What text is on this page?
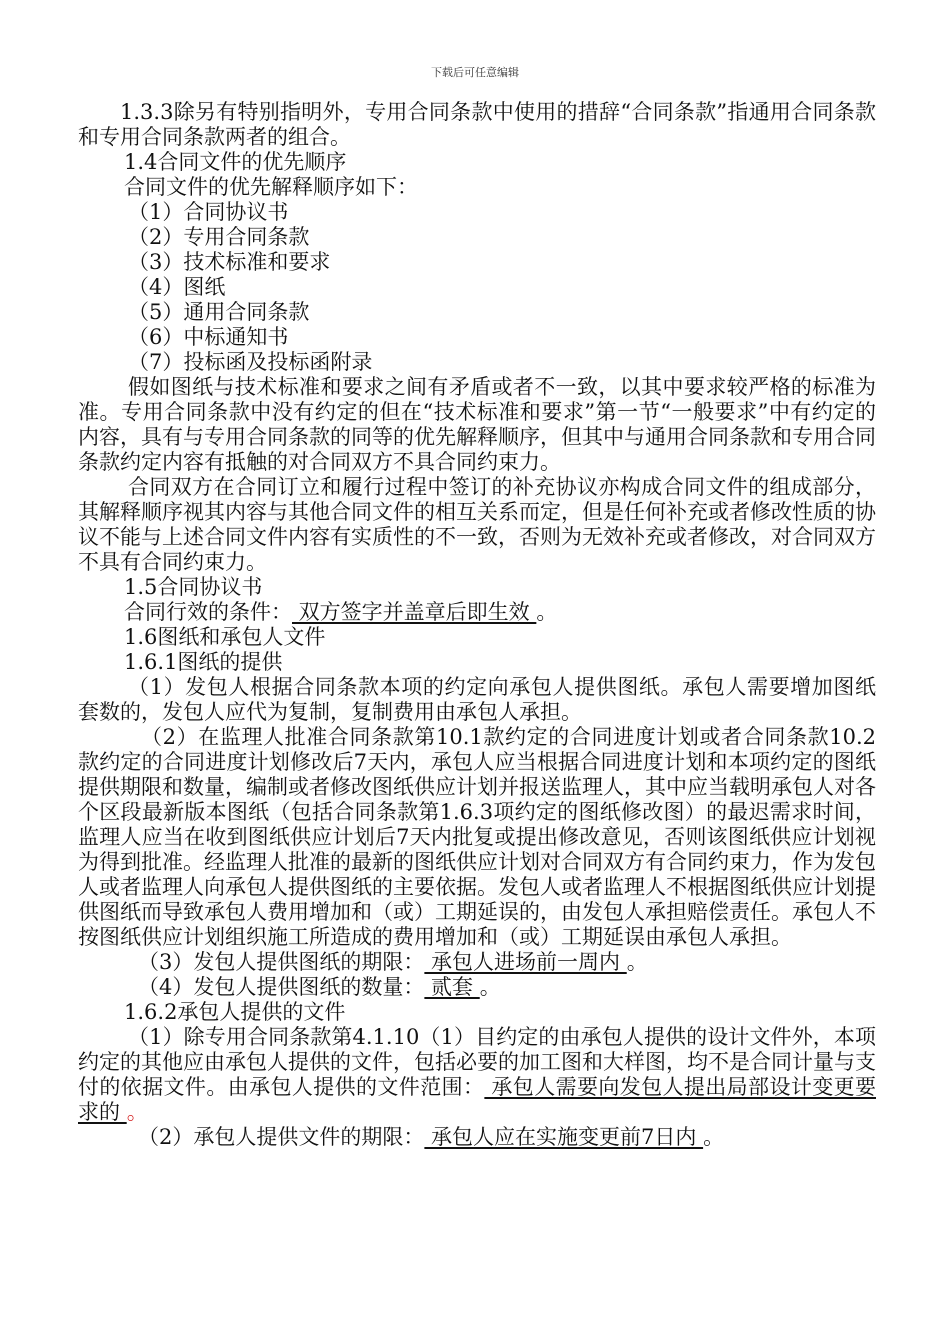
下载后可任意编辑

1.3.3除另有特别指明外，专用合同条款中使用的措辞“合同条款”指通用合同条款和专用合同条款两者的组合。

1.4合同文件的优先顺序

合同文件的优先解释顺序如下：

（1）合同协议书

（2）专用合同条款

（3）技术标准和要求

（4）图纸

（5）通用合同条款

（6）中标通知书

（7）投标函及投标函附录

假如图纸与技术标准和要求之间有矛盾或者不一致，以其中要求较严格的标准为准。专用合同条款中没有约定的但在“技术标准和要求”第一节“一般要求”中有约定的内容，具有与专用合同条款的同等的优先解释顺序，但其中与通用合同条款和专用合同条款约定内容有抵触的对合同双方不具合同约束力。

合同双方在合同订立和履行过程中签订的补充协议亦构成合同文件的组成部分，其解释顺序视其内容与其他合同文件的相互关系而定，但是任何补充或者修改性质的协议不能与上述合同文件内容有实质性的不一致，否则为无效补充或者修改，对合同双方不具有合同约束力。

1.5合同协议书

合同行效的条件： 双方签字并盖章后即生效 。

1.6图纸和承包人文件

1.6.1图纸的提供

（1）发包人根据合同条款本项的约定向承包人提供图纸。承包人需要增加图纸套数的，发包人应代为复制，复制费用由承包人承担。

（2）在监理人批准合同条款第10.1款约定的合同进度计划或者合同条款10.2款约定的合同进度计划修改后7天内，承包人应当根据合同进度计划和本项约定的图纸提供期限和数量，编制或者修改图纸供应计划并报送监理人，其中应当载明承包人对各个区段最新版本图纸（包括合同条款第1.6.3项约定的图纸修改图）的最迟需求时间，监理人应当在收到图纸供应计划后7天内批复或提出修改意见，否则该图纸供应计划视为得到批准。经监理人批准的最新的图纸供应计划对合同双方有合同约束力，作为发包人或者监理人向承包人提供图纸的主要依据。发包人或者监理人不根据图纸供应计划提供图纸而导致承包人费用增加和（或）工期延误的，由发包人承担赔偿责任。承包人不按图纸供应计划组织施工所造成的费用增加和（或）工期延误由承包人承担。

（3）发包人提供图纸的期限： 承包人进场前一周内 。

（4）发包人提供图纸的数量： 贰套 。

1.6.2承包人提供的文件

（1）除专用合同条款第4.1.10（1）目约定的由承包人提供的设计文件外，本项约定的其他应由承包人提供的文件，包括必要的加工图和大样图，均不是合同计量与支付的依据文件。由承包人提供的文件范围： 承包人需要向发包人提出局部设计变更要求的 。

（2）承包人提供文件的期限： 承包人应在实施变更前7日内 。
